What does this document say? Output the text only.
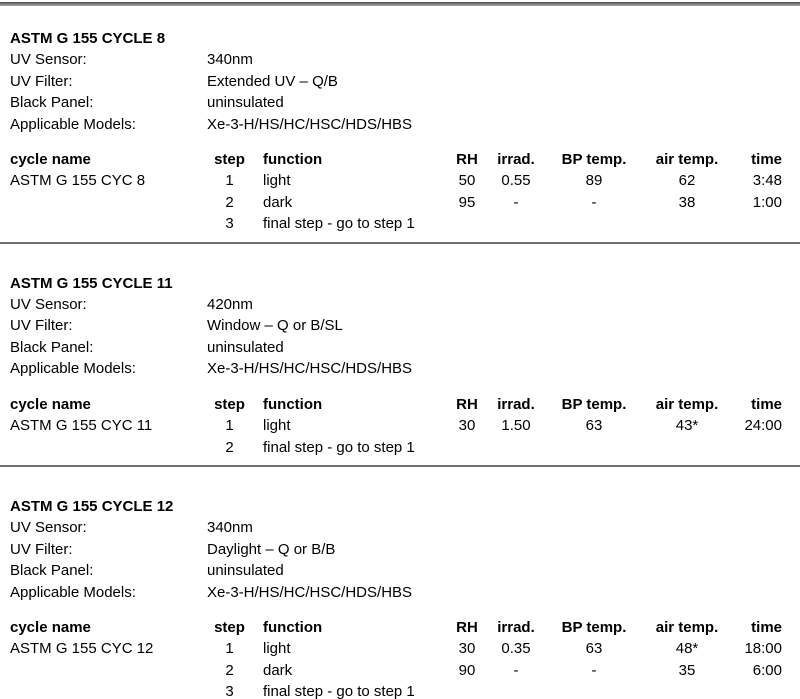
ASTM G 155 CYCLE 8
UV Sensor:	340nm
UV Filter:	Extended UV – Q/B
Black Panel:	uninsulated
Applicable Models:	Xe-3-H/HS/HC/HSC/HDS/HBS
cycle name	step	function	RH	irrad.	BP temp.	air temp.	time
ASTM G 155 CYC 8	1	light	50	0.55	89	62	3:48
	2	dark	95	-	-	38	1:00
	3	final step - go to step 1					
ASTM G 155 CYCLE 11
UV Sensor:	420nm
UV Filter:	Window – Q or B/SL
Black Panel:	uninsulated
Applicable Models:	Xe-3-H/HS/HC/HSC/HDS/HBS
cycle name	step	function	RH	irrad.	BP temp.	air temp.	time
ASTM G 155 CYC 11	1	light	30	1.50	63	43*	24:00
	2	final step - go to step 1					
ASTM G 155 CYCLE 12
UV Sensor:	340nm
UV Filter:	Daylight – Q or B/B
Black Panel:	uninsulated
Applicable Models:	Xe-3-H/HS/HC/HSC/HDS/HBS
cycle name	step	function	RH	irrad.	BP temp.	air temp.	time
ASTM G 155 CYC 12	1	light	30	0.35	63	48*	18:00
	2	dark	90	-	-	35	6:00
	3	final step - go to step 1					
